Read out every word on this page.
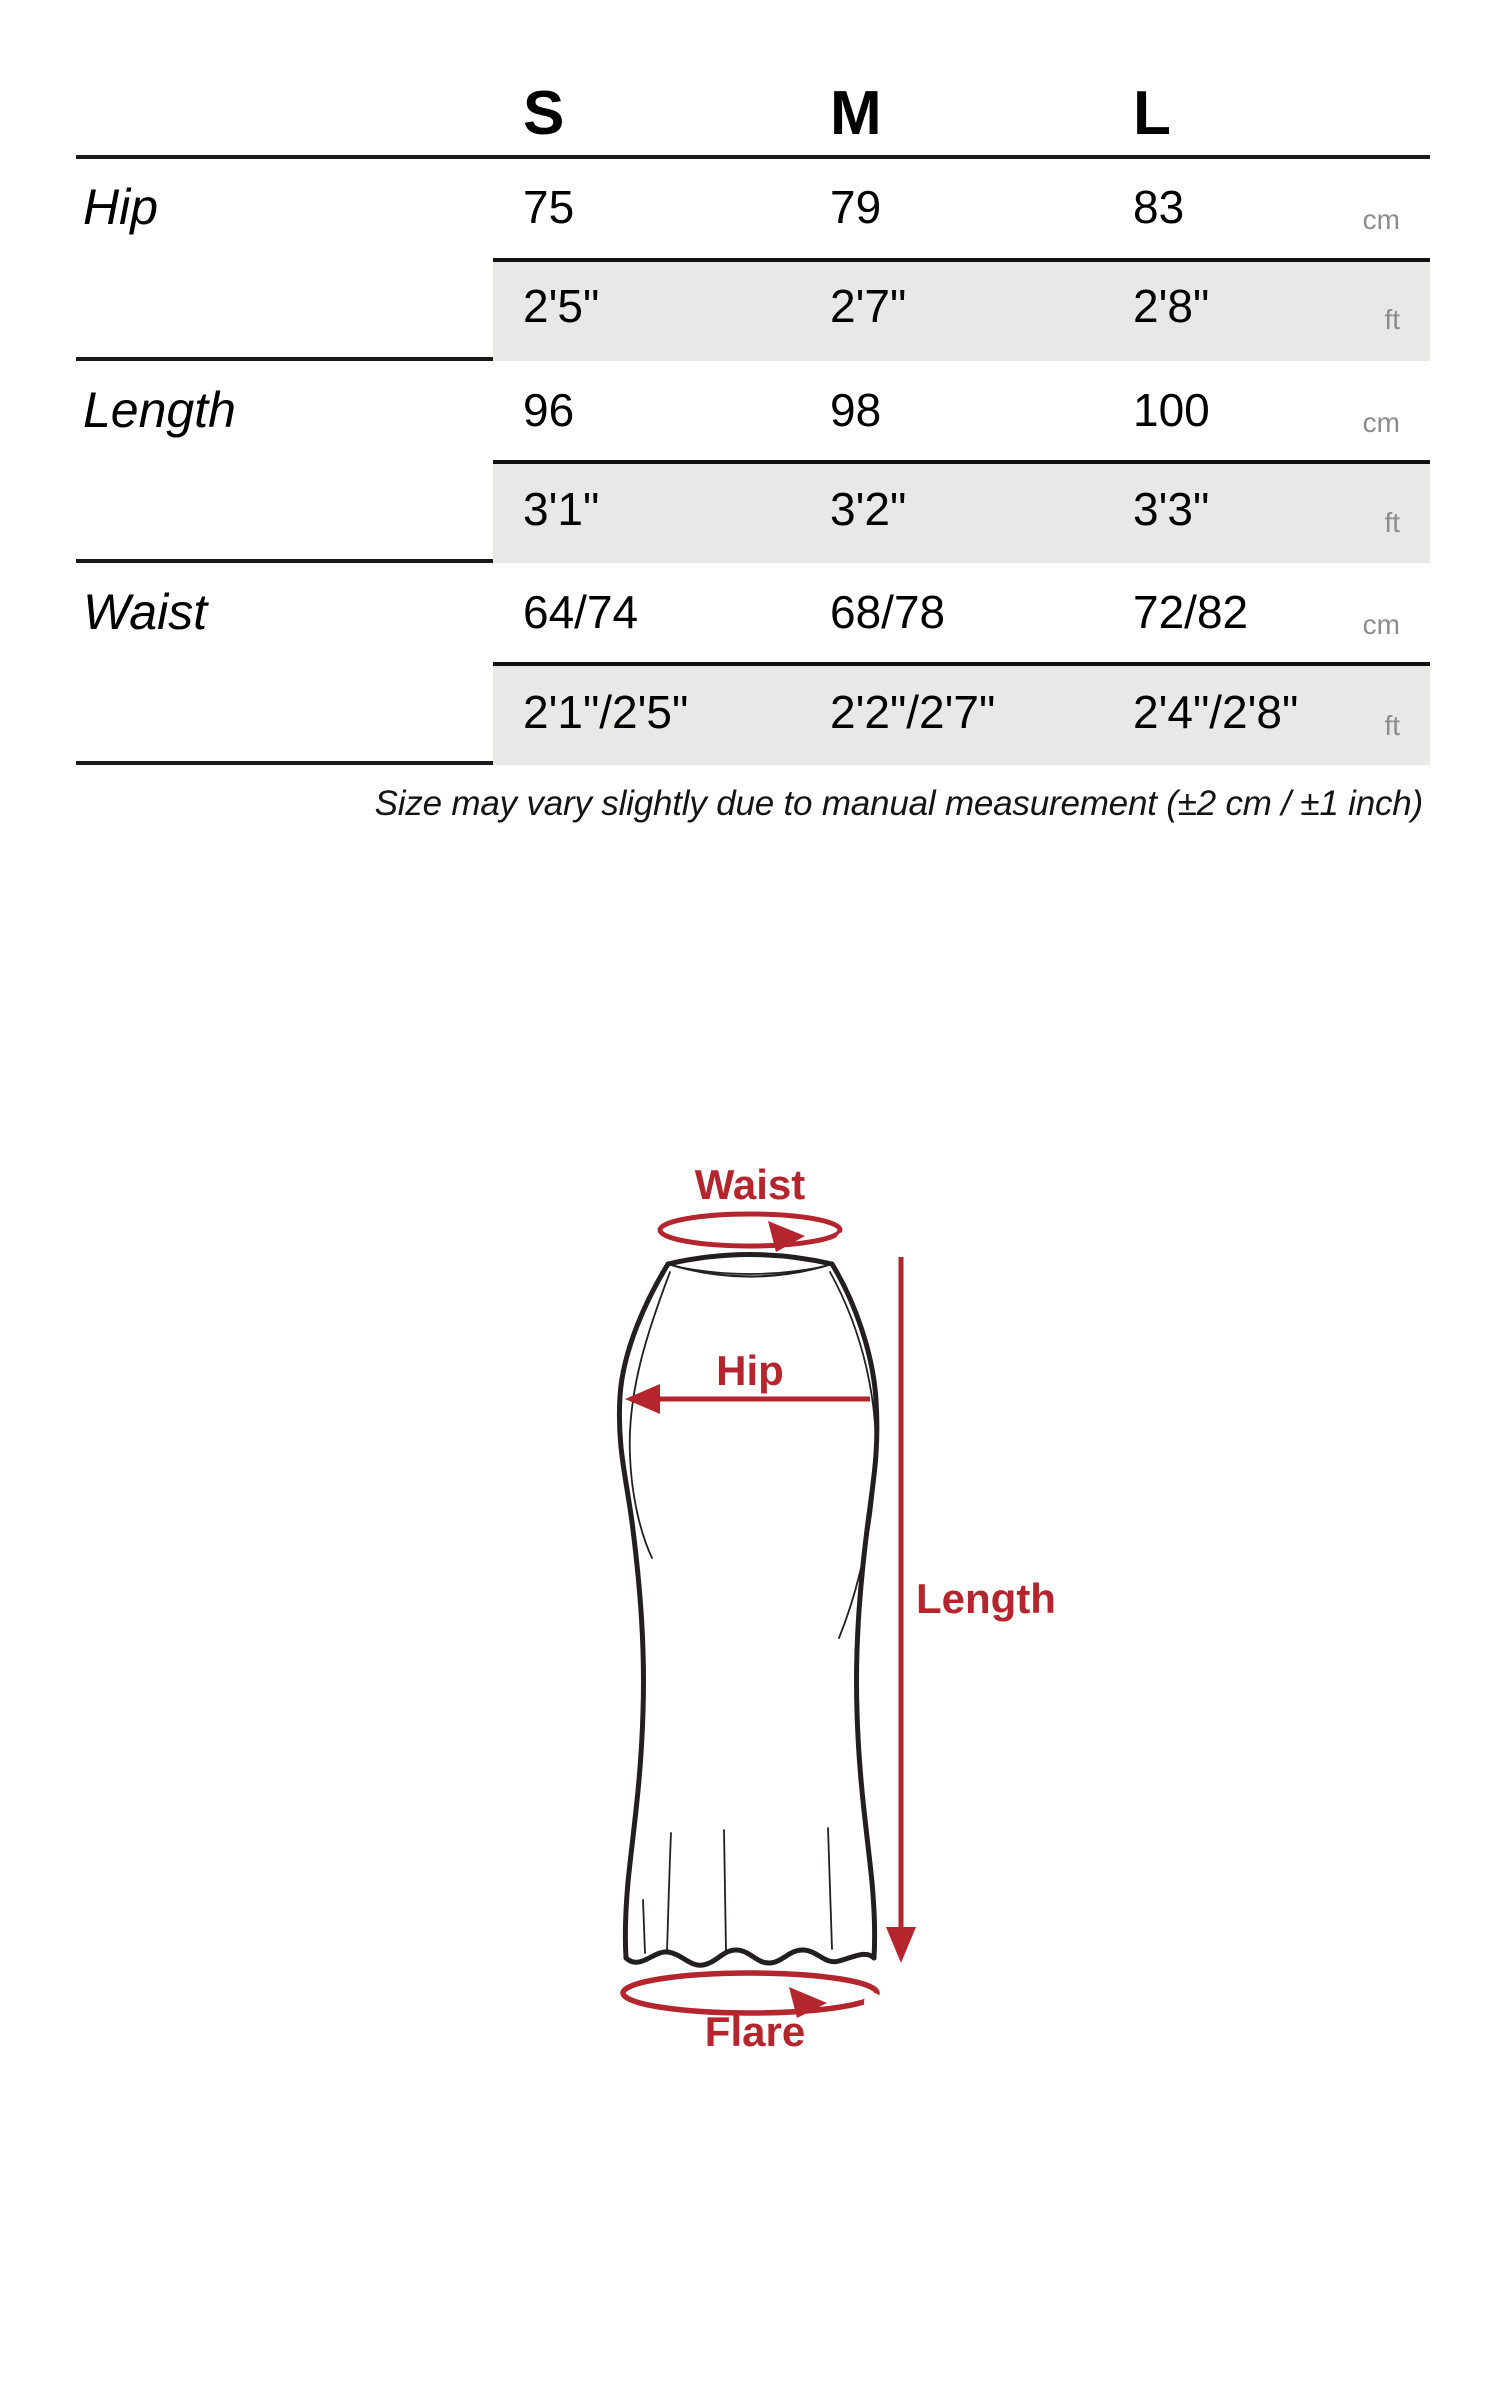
S	M	L
Hip	75	79	83	cm
2'5"	2'7"	2'8"	ft
Length	96	98	100	cm
3'1"	3'2"	3'3"	ft
Waist	64/74	68/78	72/82	cm
2'1"/2'5"	2'2"/2'7"	2'4"/2'8"	ft
Size may vary slightly due to manual measurement (±2 cm / ±1 inch)
Waist
Hip
Length
Flare
